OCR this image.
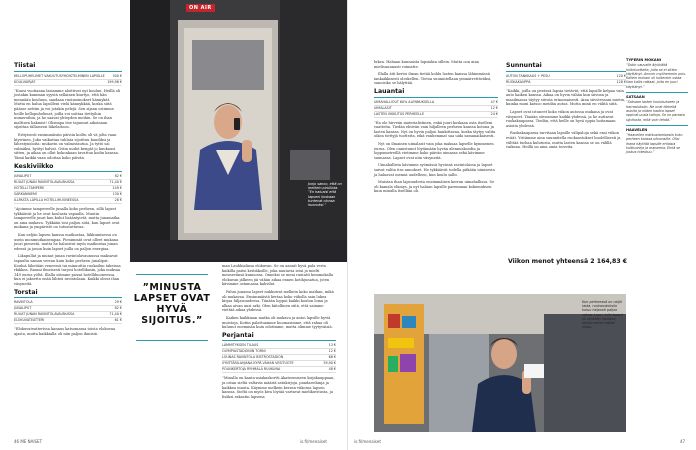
Tiistai
KELLOPUHELIMET VAKUUTUSYHDISTELMINEN LAPSILLE	300 €
KOULUKIRJAT	199,98 €

”Kuusi vuotiaana lasiamme aloittivat nyt koulun. Heillä oli jostakin kumman syystä sellainen kiurtyo, että hän mennään kouluun, saadaan ruoimoinokset kännykät. Mutta en halua lapsilleni vielä kännykkää, koska siitä päässe nettiin ja voi jotakin pelejä. Sen sijaan ostimme heille kellopuhelimet, joilla voi soittaa tiettyihin numeroihin, ja he saavat yhteyden meihin. Se on ihan malttava hakmist! Olisimpa itse tajunnut aikoinaan sijoittaa tällaiseen liikelaitoon.

Erityisesti ensimmäisiin päiviin koiltu oli vä jolta vaan ktyivinen. Joku vaikuttaa tuhlata sijoittuu kuudiksi ja lähestyniöoita: mukavin on valmistautua. Ja tyttö sai valmiiksi, hyötyi halvat. Ostin uudet kengät jo kuukausi sitten, ja aikaa on ollut kokonkaan tavattua kodin kanssa. Tämä kaikki vaan odottaa koko päivän.

Keskiviikko
JUNALIPUT	82 €
RUUAT JUNAN RAVINTOLAVAUNUSSA	71,40 €
HOTELLI TAMPERE	149 €
SÄRKÄNNIEMI	130 €
ILLPASTA LÄPILLA HOTELLIHUONEESSA	28 €

”Ajoimme tampereelle junalla koko perheen, sillä lapset tykkäävät ja he ovat koulusta vapaalla. Muutin tampereelle juuri kun kulut lisääntyivät, mutta junamatka on aina mukava. Tykkään tosi paljon siitä, kun lapset ovat mukana ja ympäristö on tutustuttavaa.

Kun neljän lapsen kanssa matkustaa, liikkumisessa on usein monimutkaisempaa. Pienimmät ovat olleet mukana juuri pienestä, mutta he halusivat myös matkustaa junan edessä ja jonon kuin lapset joilla on paljon energiaa.

Likapullat ja munat junan ravintolavaunussa maksavat tapaulta saman verran kuin koko perheen junaliput. Kouluä lähetään veneessä tai minuuttia ruokailun takeissa rkikkea. Raumi ilmeisesti tarjosi hotellikasin, joka maksaa 149 euroa yöltä. Illalla söimme pizzat hotellihuoneessa, kun ei jaksettu enää lähteä ravintolaan. Kaikki olivat ihan väsyneitä.

Torstai
RAVINTOLA	29 €
JUNALIPUT	82 €
RUUAT JUNAN RAVINTOLAVAUNUSSA	71,40 €
ELOKUVATEATTERI	61 €

”Elokuvateatterissa kannus katsomassa toista elokuvaa ajasta, mutta kaikkialla oli niin paljon ihmisiä.

ON AIR
Jonjo sanoo, että on melkein pirullista. ”En haluaisi että lapseni koskaan tuntevat olonsa huonoksi.”
”MINUSTA LAPSET OVAT HYVÄ SIJOITUS.”

man Lauhkialiasa elokuvan. Se on aanuit hyvä pala verta kaikilla paitsi keitiäkoille, joka nautavia istui ja mielti mensevänsä kunnossa. Onneksi se meni rautatti kemmokalla elokuvan jälkeen jäi vähän aikaa ennen kotihjunatua, joten kävimme ostamassa kahvilat.

Paluu junassa lapset nukkuivat melkein koko matkan, mikä oli mukavaa. Ensimmäistä kertaa koko viikolla sain lukea kirjaa hiljaisuudessa. Tänään loppui kaikki koulun loma ja alkaa aivan uusi arki. Olen kiitollinen siitä, että saimme viettää aikaa yhdessä.

Kaiken kaikkiaan matka oli mukava ja antoi lapsille hyviä muistoja. Kotiin palattuamme huomasimme, että rahaa oli kulunut enemmän kuin odotimme, mutta olimme tyytyväisiä.

Perjantai
LÄMMITYKSEN TILAUS	13 €
OLYMPIASTADIONIN TORNI	12 €
LOUNAS RAVINTOLA BISTROSTADION	68 €
SYNTTÄRILAHJANA KYPÄ VÄHAN VESITUOTE	39,90 €
POLINKERTOJA RYHMÄLÄ RUUKUNA	48 €

”Minulla on kanta-asiakaskortti Akateemiseen kirjakauppaan, ja ostan sieltä valtavia määriä satukirjoja, pandareihinja ja kaikkea muuta. Käymme melkein kerran viikossa lapsen kanssa. Sieltä on myös kiva löytää vartavat mielikuvitusta, ja lisäksi rakastin lapsena

46 ME NAISET	is.fi/menaiset

lukea. Hahaan kunnaista lapsiakin sillein. Mutta oon aina mielisuunnasti voimatte.

Illalla äiti kertoi ilman tietää kohlu lasten kanssa lähimmässä iankaikkisesti oleskellen. Tietoa suunnitellaan ymmärrettäväksi, sanoisiko se hälyttää.

Lauantai
UIMAHALLIOUT 60% ALENNUKSELLA	47 €
UIMALASIT	12 €
LASTEN VIKKUTUS PERHEELLE	24 €

”En ole hirveän materialistinen, enkä juuri koskaan osta itselleni vaatteita. Tiedän ehtivän vain hiljalleen perheen kanssa kotona ja lasten kanssa. Nyt on hyvin paljon hankittavaa, koska täytyy valita oikea tiettyjä tuotteita, eikä vanhemmat saa uida samanaikaisesti.

Nyt on ilmainen uimalasit vain joka maksaa lapselle kymmenen euroa. Olen onnistunut löytämään hyvän alennuskoodin ja loppumetreillä vietimme koko päivän uimassa sekä kävimme saunassa. Lapset ovat niin väsyneitä.

Uimahallista kävimme syömässä hyvässä ravintolassa ja lapset saivat valita itse annokset. He tykkäävät todella pitkään uimisesta ja haluavat mennä uudelleen, kun koulu sallii.

Muistan ihan lapsuudesta ensimmäisen kerran uimahallissa. Se oli kamala elämys, ja nyt haluan lapsille paremman kokemuksen kuin minulla itselläni oli.

Sunnuntai
AUTON TANKKAUS + PESU	120 €
RUOKAKAUPPA	128 €

”Kaikki, joilla on perässä lapsia tietävät, että lapsille kelpaa vain auto kaiken kanssa. Aikaa on hyvin vähän kun siivoan ja maailmassa täytyy siivota erinomaisesti. Aina siivotessani mietin, kuinka moni katsoo meidän autoa. Mutta minä en välitä siitä.

Lapset ovat istuneet koko viikon autossa mukana ja ovat väsyneet. Tänään siivoamme kaikki yhdessä, ja he auttavat ruokakaupassa. Tiedän, että heille on hyvä oppia hoitamaan asioita yhdessä.

Ruokakaupassa tarvitaan lapsille välipaloja sekä ensi viikon eväät. Yritämme aina suunnitella ruokaostokset huolellisesti ja välttää turhaa kulutusta, mutta lasten kanssa se on välillä vaikeaa. Heillä on aina omia toiveita.

Viikon menot yhteensä 2 164,83 €
Kun perheessä on neljä lasta, ruokaostoksiin kuluu helposti paljon rahaa. Lauri, jolla lapset oli sentään mukana, kertoo miten kaikki sujuu.
TYPERIN MOKANI

”Ostin vauvalle älykkäitä hoitotuotteita, joita se ei sitten käyttänyt. Annoin myöhemmin pois. Kallein mokani oli kuitenkin ostaa liian kallis rattaat, joita en juuri käyttänyt.”

SATSAAN

”Satsaan lasten koulutukseen ja harrastuksiin. Ne ovat tärkeitä asioita ja niiden kautta lapset oppivat uusia taitoja. Se on parasta sijoitusta, mitä voin tehdä.”

HAAVELEN

”Haaveilen matkustamisesta koko perheen kanssa ulkomaille. Olisi ihana näyttää lapsille erilaisia kulttuureja ja maisemia. Ehkä se joskus toteutuu.”

is.fi/menaiset	47
